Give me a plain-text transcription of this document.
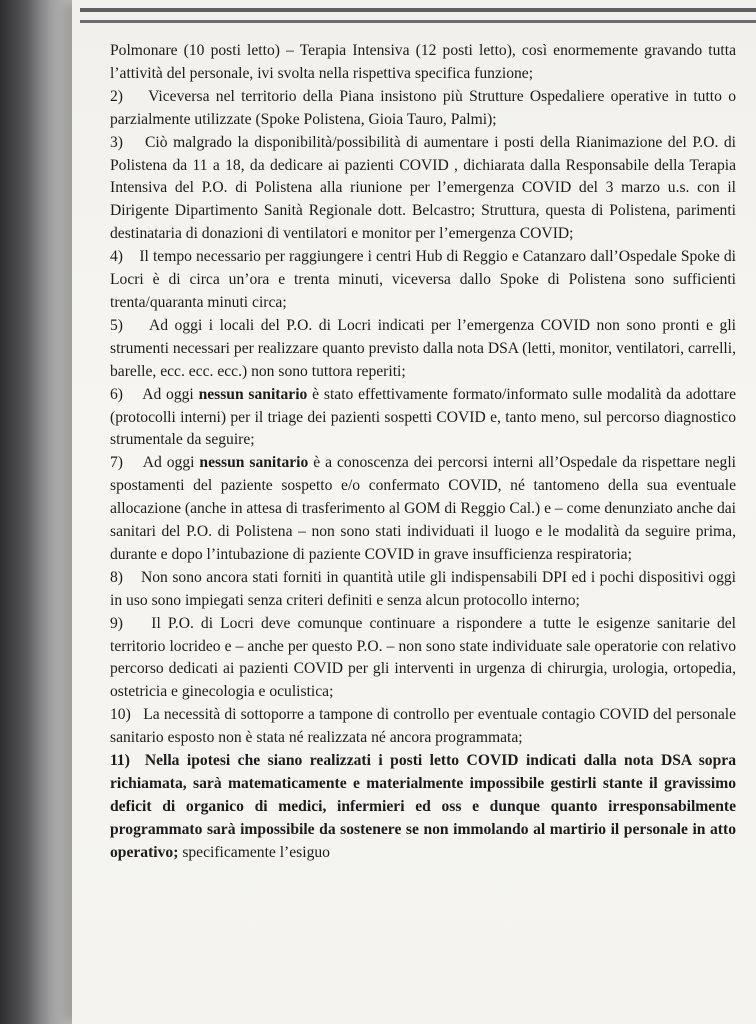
Polmonare (10 posti letto) – Terapia Intensiva (12 posti letto), così enormemente gravando tutta l’attività del personale, ivi svolta nella rispettiva specifica funzione;

2) Viceversa nel territorio della Piana insistono più Strutture Ospedaliere operative in tutto o parzialmente utilizzate (Spoke Polistena, Gioia Tauro, Palmi);

3) Ciò malgrado la disponibilità/possibilità di aumentare i posti della Rianimazione del P.O. di Polistena da 11 a 18, da dedicare ai pazienti COVID , dichiarata dalla Responsabile della Terapia Intensiva del P.O. di Polistena alla riunione per l’emergenza COVID del 3 marzo u.s. con il Dirigente Dipartimento Sanità Regionale dott. Belcastro; Struttura, questa di Polistena, parimenti destinataria di donazioni di ventilatori e monitor per l’emergenza COVID;

4) Il tempo necessario per raggiungere i centri Hub di Reggio e Catanzaro dall’Ospedale Spoke di Locri è di circa un’ora e trenta minuti, viceversa dallo Spoke di Polistena sono sufficienti trenta/quaranta minuti circa;

5) Ad oggi i locali del P.O. di Locri indicati per l’emergenza COVID non sono pronti e gli strumenti necessari per realizzare quanto previsto dalla nota DSA (letti, monitor, ventilatori, carrelli, barelle, ecc. ecc. ecc.) non sono tuttora reperiti;

6) Ad oggi nessun sanitario è stato effettivamente formato/informato sulle modalità da adottare (protocolli interni) per il triage dei pazienti sospetti COVID e, tanto meno, sul percorso diagnostico strumentale da seguire;

7) Ad oggi nessun sanitario è a conoscenza dei percorsi interni all’Ospedale da rispettare negli spostamenti del paziente sospetto e/o confermato COVID, né tantomeno della sua eventuale allocazione (anche in attesa di trasferimento al GOM di Reggio Cal.) e – come denunziato anche dai sanitari del P.O. di Polistena – non sono stati individuati il luogo e le modalità da seguire prima, durante e dopo l’intubazione di paziente COVID in grave insufficienza respiratoria;

8) Non sono ancora stati forniti in quantità utile gli indispensabili DPI ed i pochi dispositivi oggi in uso sono impiegati senza criteri definiti e senza alcun protocollo interno;

9) Il P.O. di Locri deve comunque continuare a rispondere a tutte le esigenze sanitarie del territorio locrideo e – anche per questo P.O. – non sono state individuate sale operatorie con relativo percorso dedicati ai pazienti COVID per gli interventi in urgenza di chirurgia, urologia, ortopedia, ostetricia e ginecologia e oculistica;

10) La necessità di sottoporre a tampone di controllo per eventuale contagio COVID del personale sanitario esposto non è stata né realizzata né ancora programmata;

11) Nella ipotesi che siano realizzati i posti letto COVID indicati dalla nota DSA sopra richiamata, sarà matematicamente e materialmente impossibile gestirli stante il gravissimo deficit di organico di medici, infermieri ed oss e dunque quanto irresponsabilmente programmato sarà impossibile da sostenere se non immolando al martirio il personale in atto operativo; specificamente l’esiguo
